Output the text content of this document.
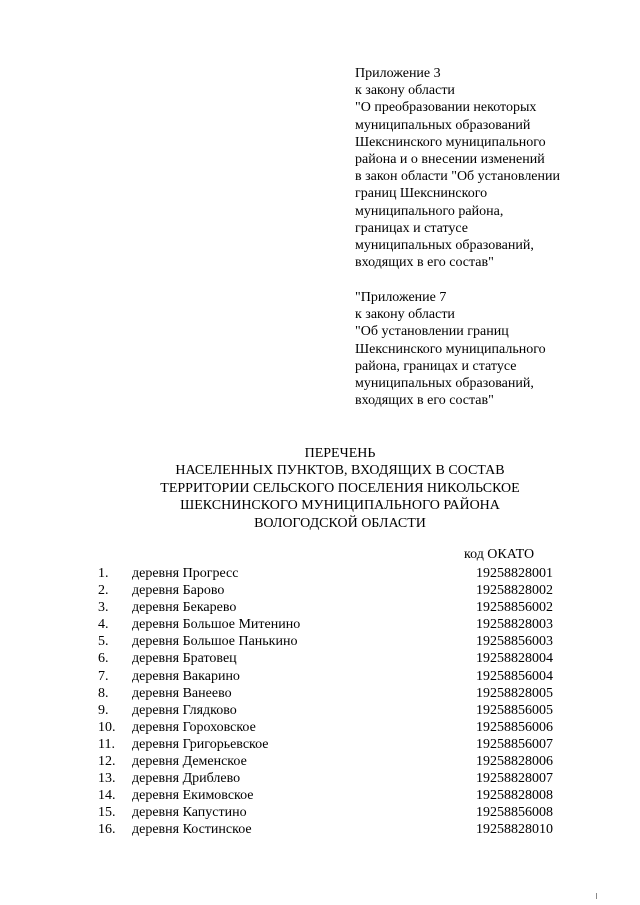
Приложение 3
к закону области
"О преобразовании некоторых
муниципальных образований
Шекснинского муниципального
района и о внесении изменений
в закон области "Об установлении
границ Шекснинского
муниципального района,
границах и статусе
муниципальных образований,
входящих в его состав"
"Приложение 7
к закону области
"Об установлении границ
Шекснинского муниципального
района, границах и статусе
муниципальных образований,
входящих в его состав"
ПЕРЕЧЕНЬ
НАСЕЛЕННЫХ ПУНКТОВ, ВХОДЯЩИХ В СОСТАВ
ТЕРРИТОРИИ СЕЛЬСКОГО ПОСЕЛЕНИЯ НИКОЛЬСКОЕ
ШЕКСНИНСКОГО МУНИЦИПАЛЬНОГО РАЙОНА
ВОЛОГОДСКОЙ ОБЛАСТИ
код ОКАТО
1. деревня Прогресс	19258828001
2. деревня Барово	19258828002
3. деревня Бекарево	19258856002
4. деревня Большое Митенино	19258828003
5. деревня Большое Панькино	19258856003
6. деревня Братовец	19258828004
7. деревня Вакарино	19258856004
8. деревня Ванеево	19258828005
9. деревня Глядково	19258856005
10. деревня Гороховское	19258856006
11. деревня Григорьевское	19258856007
12. деревня Деменское	19258828006
13. деревня Дриблево	19258828007
14. деревня Екимовское	19258828008
15. деревня Капустино	19258856008
16. деревня Костинское	19258828010
